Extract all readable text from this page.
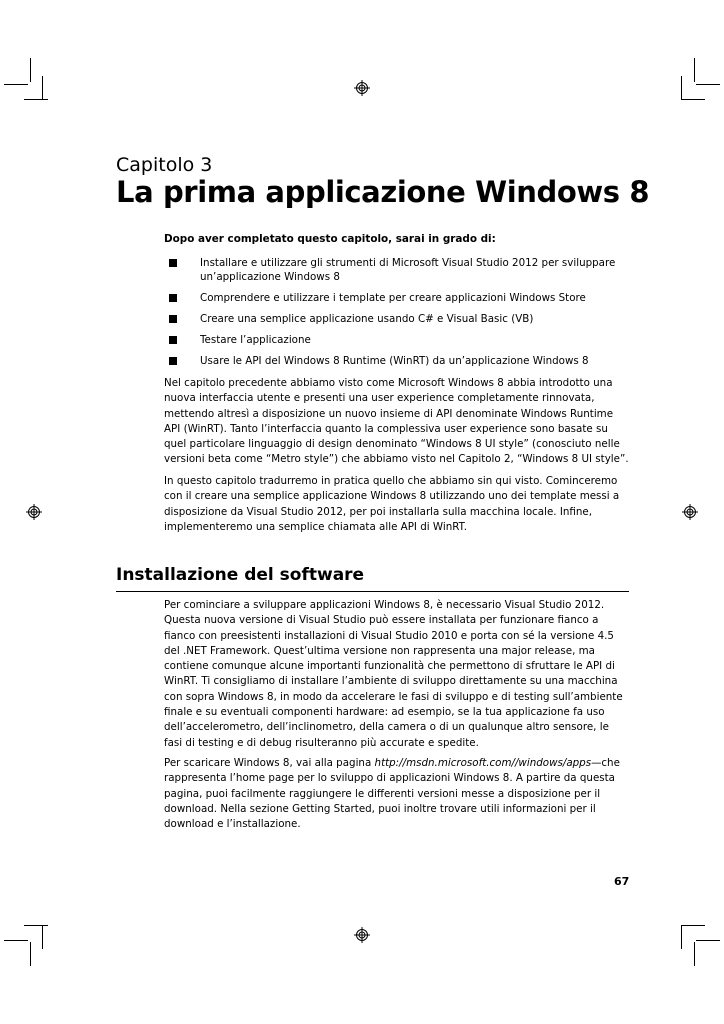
Capitolo 3
La prima applicazione Windows 8
Dopo aver completato questo capitolo, sarai in grado di:
Installare e utilizzare gli strumenti di Microsoft Visual Studio 2012 per sviluppare un’applicazione Windows 8
Comprendere e utilizzare i template per creare applicazioni Windows Store
Creare una semplice applicazione usando C# e Visual Basic (VB)
Testare l’applicazione
Usare le API del Windows 8 Runtime (WinRT) da un’applicazione Windows 8

Nel capitolo precedente abbiamo visto come Microsoft Windows 8 abbia introdotto una nuova interfaccia utente e presenti una user experience completamente rinnovata, mettendo altresì a disposizione un nuovo insieme di API denominate Windows Runtime API (WinRT). Tanto l’interfaccia quanto la complessiva user experience sono basate su quel particolare linguaggio di design denominato “Windows 8 UI style” (conosciuto nelle versioni beta come “Metro style”) che abbiamo visto nel Capitolo 2, “Windows 8 UI style”.

In questo capitolo tradurremo in pratica quello che abbiamo sin qui visto. Cominceremo con il creare una semplice applicazione Windows 8 utilizzando uno dei template messi a disposizione da Visual Studio 2012, per poi installarla sulla macchina locale. Infine, implementeremo una semplice chiamata alle API di WinRT.

Installazione del software

Per cominciare a sviluppare applicazioni Windows 8, è necessario Visual Studio 2012. Questa nuova versione di Visual Studio può essere installata per funzionare fianco a fianco con preesistenti installazioni di Visual Studio 2010 e porta con sé la versione 4.5 del .NET Framework. Quest’ultima versione non rappresenta una major release, ma contiene comunque alcune importanti funzionalità che permettono di sfruttare le API di WinRT. Ti consigliamo di installare l’ambiente di sviluppo direttamente su una macchina con sopra Windows 8, in modo da accelerare le fasi di sviluppo e di testing sull’ambiente finale e su eventuali componenti hardware: ad esempio, se la tua applicazione fa uso dell’accelerometro, dell’inclinometro, della camera o di un qualunque altro sensore, le fasi di testing e di debug risulteranno più accurate e spedite.

Per scaricare Windows 8, vai alla pagina http://msdn.microsoft.com//windows/apps—che rappresenta l’home page per lo sviluppo di applicazioni Windows 8. A partire da questa pagina, puoi facilmente raggiungere le differenti versioni messe a disposizione per il download. Nella sezione Getting Started, puoi inoltre trovare utili informazioni per il download e l’installazione.

67
